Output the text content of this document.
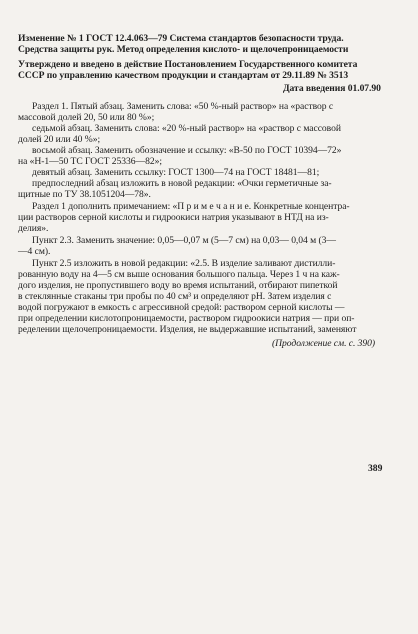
Изменение № 1 ГОСТ 12.4.063—79 Система стандартов безопасности труда.
Средства защиты рук. Метод определения кислото- и щелочепроницаемости
Утверждено и введено в действие Постановлением Государственного комитета
СССР по управлению качеством продукции и стандартам от 29.11.89 № 3513
Дата введения 01.07.90
Раздел 1. Пятый абзац. Заменить слова: «50 %-ный раствор» на «раствор с
массовой долей 20, 50 или 80 %»;
седьмой абзац. Заменить слова: «20 %-ный раствор» на «раствор с массовой
долей 20 или 40 %»;
восьмой абзац. Заменить обозначение и ссылку: «В-50 по ГОСТ 10394—72»
на «Н-1—50 ТС ГОСТ 25336—82»;
девятый абзац. Заменить ссылку: ГОСТ 1300—74 на ГОСТ 18481—81;
предпоследний абзац изложить в новой редакции: «Очки герметичные за-
щитные по ТУ 38.1051204—78».
Раздел 1 дополнить примечанием: «П р и м е ч а н и е. Конкретные концентра-
ции растворов серной кислоты и гидроокиси натрия указывают в НТД на из-
делия».
Пункт 2.3. Заменить значение: 0,05—0,07 м (5—7 см) на 0,03— 0,04 м (3—
—4 см).
Пункт 2.5 изложить в новой редакции: «2.5. В изделие заливают дистилли-
рованную воду на 4—5 см выше основания большого пальца. Через 1 ч на каж-
дого изделия, не пропустившего воду во время испытаний, отбирают пипеткой
в стеклянные стаканы три пробы по 40 см³ и определяют pH. Затем изделия с
водой погружают в емкость с агрессивной средой: раствором серной кислоты —
при определении кислотопроницаемости, раствором гидроокиси натрия — при оп-
ределении щелочепроницаемости. Изделия, не выдержавшие испытаний, заменяют
(Продолжение см. с. 390)
389
